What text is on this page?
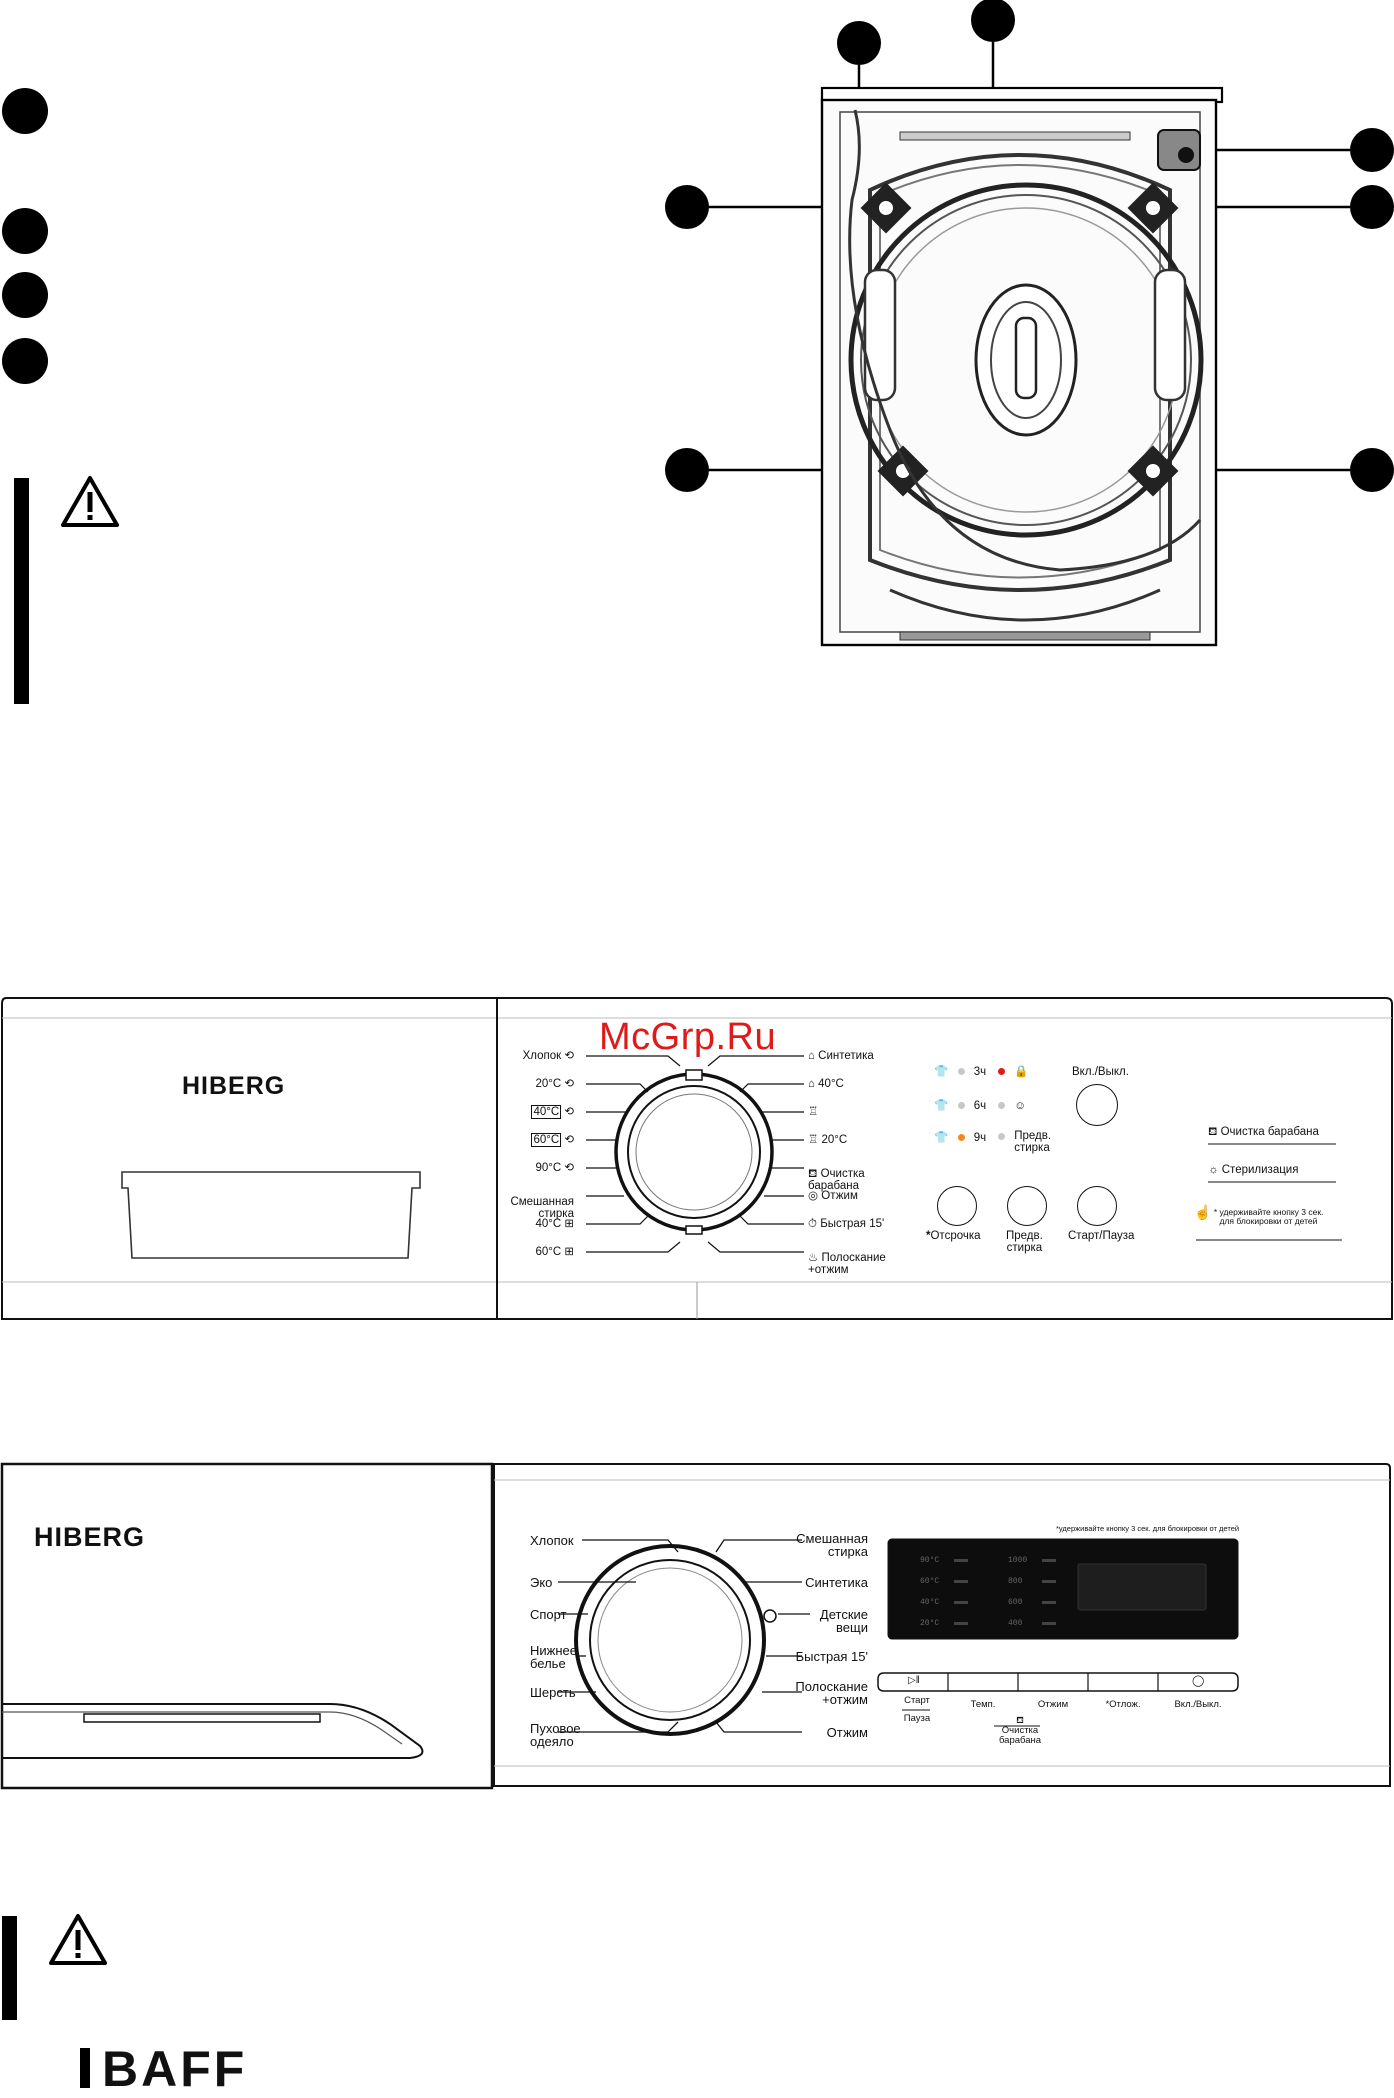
HIBERG
McGrp.Ru
Хлопок ⟲
20°C ⟲
40°C ⟲
60°C ⟲
90°C ⟲

Смешанная
стирка

40°C ⊞
60°C ⊞
⌂ Синтетика
⌂ 40°C
♖
♖ 20°C

⛾ Очистка
барабана

◎ Отжим
⏱ Быстрая 15'

♨ Полоскание
+отжим

👕 3ч
👕 6ч
👕 9ч
🔒
☺
Предв.
стирка
Вкл./Выкл.
*Отсрочка Предв.
стирка
Старт/Пауза
⛾ Очистка барабана
☼ Стерилизация
☝ * удерживайте кнопку 3 сек.
для блокировки от детей
HIBERG	Хлопок
Эко
Спорт
Нижнее
белье
Шерсть
Пуховое
одеяло
Смешанная
стирка
Синтетика
Детские
вещи
Быстрая 15'
Полоскание
+отжим
Отжим
*удерживайте кнопку 3 сек. для блокировки от детей
90°C
60°C
40°C
20°C
1000
800
600
400
▷‖
Старт
Пауза
Темп.	Отжим
⛾
Очистка
барабана
*Отлож.
◯
Вкл./Выкл.
BAFF
